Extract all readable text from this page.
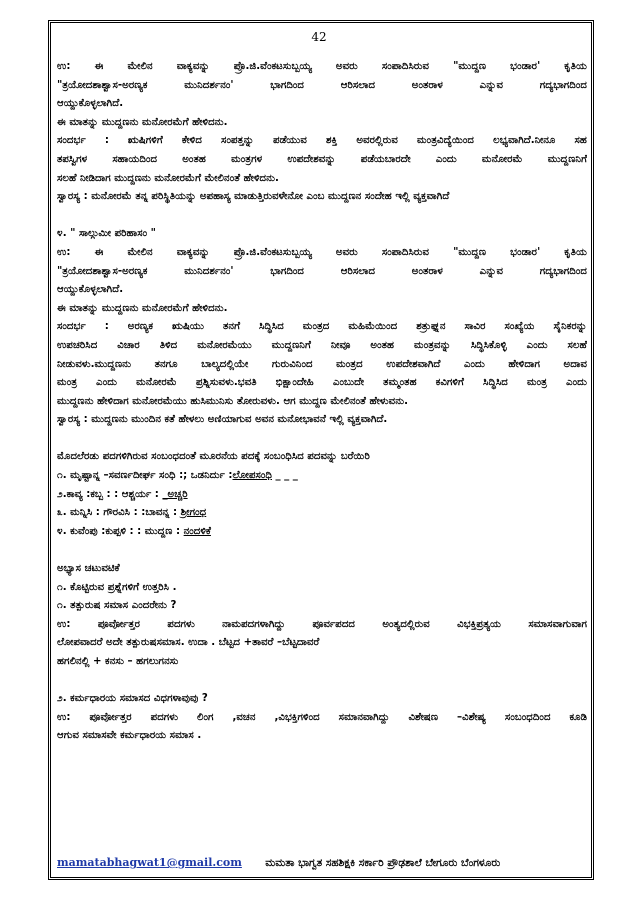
42
ಉ: ಈ ಮೇಲಿನ ವಾಕ್ಯವನ್ನು ಪ್ರೊ.ಜಿ.ವೆಂಕಟಸುಬ್ಬಯ್ಯ ಅವರು ಸಂಪಾದಿಸಿರುವ "ಮುದ್ದಣ ಭಂಡಾರ' ಕೃತಿಯ
"ತ್ರಯೋದಶಾಶ್ವಾಸ-ಅರಣ್ಯಕ ಮುನಿದರ್ಶನಂ' ಭಾಗದಿಂದ ಆರಿಸಲಾದ ಅಂತರಾಳ ಎನ್ನುವ ಗದ್ಯಭಾಗದಿಂದ
ಆಯ್ದುಕೊಳ್ಳಲಾಗಿದೆ.
ಈ ಮಾತನ್ನು ಮುದ್ದಣನು ಮನೋರಮೆಗೆ ಹೇಳಿದನು.
ಸಂದರ್ಭ : ಋಷಿಗಳಿಗೆ ಕೇಳಿದ ಸಂಪತ್ತನ್ನು ಪಡೆಯುವ ಶಕ್ತಿ ಅವರಲ್ಲಿರುವ ಮಂತ್ರವಿದ್ಯೆಯಿಂದ ಲಭ್ಯವಾಗಿದೆ.ನೀನೂ ಸಹ
ತಪಸ್ವಿಗಳ ಸಹಾಯದಿಂದ ಅಂತಹ ಮಂತ್ರಗಳ ಉಪದೇಶವನ್ನು ಪಡೆಯಬಾರದೇ ಎಂದು ಮನೋರಮೆ ಮುದ್ದಣನಿಗೆ
ಸಲಹೆ ನೀಡಿದಾಗ ಮುದ್ದಣನು ಮನೋರಮೆಗೆ ಮೇಲಿನಂತೆ ಹೇಳಿದನು.
ಸ್ವಾರಸ್ಯ : ಮನೋರಮೆ ತನ್ನ ಪರಿಸ್ಥಿತಿಯನ್ನು ಅಪಹಾಸ್ಯ ಮಾಡುತ್ತಿರುವಳೇನೋ ಎಂಬ ಮುದ್ದಣನ ಸಂದೇಹ ಇಲ್ಲಿ ವ್ಯಕ್ತವಾಗಿದೆ
೪. " ಸಾಲ್ಗುಮೀ ಪರಿಹಾಸಂ "
ಉ: ಈ ಮೇಲಿನ ವಾಕ್ಯವನ್ನು ಪ್ರೊ.ಜಿ.ವೆಂಕಟಸುಬ್ಬಯ್ಯ ಅವರು ಸಂಪಾದಿಸಿರುವ "ಮುದ್ದಣ ಭಂಡಾರ' ಕೃತಿಯ
"ತ್ರಯೋದಶಾಶ್ವಾಸ-ಅರಣ್ಯಕ ಮುನಿದರ್ಶನಂ' ಭಾಗದಿಂದ ಆರಿಸಲಾದ ಅಂತರಾಳ ಎನ್ನುವ ಗದ್ಯಭಾಗದಿಂದ
ಆಯ್ದುಕೊಳ್ಳಲಾಗಿದೆ.
ಈ ಮಾತನ್ನು ಮುದ್ದಣನು ಮನೋರಮೆಗೆ ಹೇಳಿದನು.
ಸಂದರ್ಭ : ಅರಣ್ಯಕ ಋಷಿಯು ತನಗೆ ಸಿದ್ಧಿಸಿದ ಮಂತ್ರದ ಮಹಿಮೆಯಿಂದ ಶತ್ರುಘ್ನನ ಸಾವಿರ ಸಂಖ್ಯೆಯ ಸೈನಿಕರನ್ನು
ಉಪಚರಿಸಿದ ವಿಚಾರ ತಿಳಿದ ಮನೋರಮೆಯು ಮುದ್ದಣನಿಗೆ ನೀವೂ ಅಂತಹ ಮಂತ್ರವನ್ನು ಸಿದ್ಧಿಸಿಕೊಳ್ಳಿ ಎಂದು ಸಲಹೆ
ನೀಡುವಳು.ಮುದ್ದಣನು ತನಗೂ ಬಾಲ್ಯದಲ್ಲಿಯೇ ಗುರುವಿನಿಂದ ಮಂತ್ರದ ಉಪದೇಶವಾಗಿದೆ ಎಂದು ಹೇಳಿದಾಗ ಅದಾವ
ಮಂತ್ರ ಎಂದು ಮನೋರಮೆ ಪ್ರಶ್ನಿಸುವಳು.ಭವತಿ ಭಿಕ್ಷಾಂದೇಹಿ ಎಂಬುದೇ ತಮ್ಮಂತಹ ಕವಿಗಳಿಗೆ ಸಿದ್ಧಿಸಿದ ಮಂತ್ರ ಎಂದು
ಮುದ್ದಣನು ಹೇಳಿದಾಗ ಮನೋರಮೆಯು ಹುಸಿಮುನಿಸು ತೋರುವಳು. ಆಗ ಮುದ್ದಣ ಮೇಲಿನಂತೆ ಹೇಳುವನು.
ಸ್ವಾರಸ್ಯ : ಮುದ್ದಣನು ಮುಂದಿನ ಕತೆ ಹೇಳಲು ಅಣಿಯಾಗುವ ಅವನ ಮನೋಭಾವನೆ ಇಲ್ಲಿ ವ್ಯಕ್ತವಾಗಿದೆ.
ಮೊದಲೆರಡು ಪದಗಳಿಗಿರುವ ಸಂಬಂಧದಂತೆ ಮೂರನೆಯ ಪದಕ್ಕೆ ಸಂಬಂಧಿಸಿದ ಪದವನ್ನು ಬರೆಯಿರಿ
೧. ಮೃಷ್ಟಾನ್ನ –ಸವರ್ಣದೀರ್ಘ ಸಂಧಿ :; ಒಡನಿರ್ದು :ಲೋಪಸಂಧಿ _ _ _
೨.ಕಾವ್ಯ :ಕಬ್ಬ : : ಆಶ್ಚರ್ಯ : _ಅಚ್ಚರಿ
೩. ಮನ್ನಿಸಿ : ಗೌರವಿಸಿ : :ಬಾವನ್ನ : ಶ್ರೀಗಂಧ
೪. ಕುವೆಂಪು :ಕುಪ್ಪಳಿ : : ಮುದ್ದಣ : ನಂದಳಿಕೆ
ಅಭ್ಯಾಸ ಚಟುವಟಿಕೆ
೧. ಕೊಟ್ಟಿರುವ ಪ್ರಶ್ನೆಗಳಿಗೆ ಉತ್ತರಿಸಿ .
೧. ತತ್ಪುರುಷ ಸಮಾಸ ಎಂದರೇನು ?
ಉ: ಪೂರ್ವೋತ್ತರ ಪದಗಳು ನಾಮಪದಗಳಾಗಿದ್ದು ಪೂರ್ವಪದದ ಅಂತ್ಯದಲ್ಲಿರುವ ವಿಭಕ್ತಿಪ್ರತ್ಯಯ ಸಮಾಸವಾಗುವಾಗ
ಲೋಪವಾದರೆ ಅದೇ ತತ್ಪುರುಷಸಮಾಸ. ಉದಾ . ಬೆಟ್ಟದ +ತಾವರೆ –ಬೆಟ್ಟದಾವರೆ
ಹಗಲಿನಲ್ಲಿ + ಕನಸು – ಹಗಲುಗನಸು
೨. ಕರ್ಮಧಾರಯ ಸಮಾಸದ ವಿಧಗಳಾವುವು ?
ಉ: ಪೂರ್ವೋತ್ತರ ಪದಗಳು ಲಿಂಗ ,ವಚನ ,ವಿಭಕ್ತಿಗಳಿಂದ ಸಮಾನವಾಗಿದ್ದು ವಿಶೇಷಣ –ವಿಶೇಷ್ಯ ಸಂಬಂಧದಿಂದ ಕೂಡಿ
ಆಗುವ ಸಮಾಸವೇ ಕರ್ಮಧಾರಯ ಸಮಾಸ .
mamatabhagwat1@gmail.com ಮಮತಾ ಭಾಗ್ವತ ಸಹಶಿಕ್ಷಕಿ ಸರ್ಕಾರಿ ಪ್ರೌಢಶಾಲೆ ಬೇಗೂರು ಬೆಂಗಳೂರು
